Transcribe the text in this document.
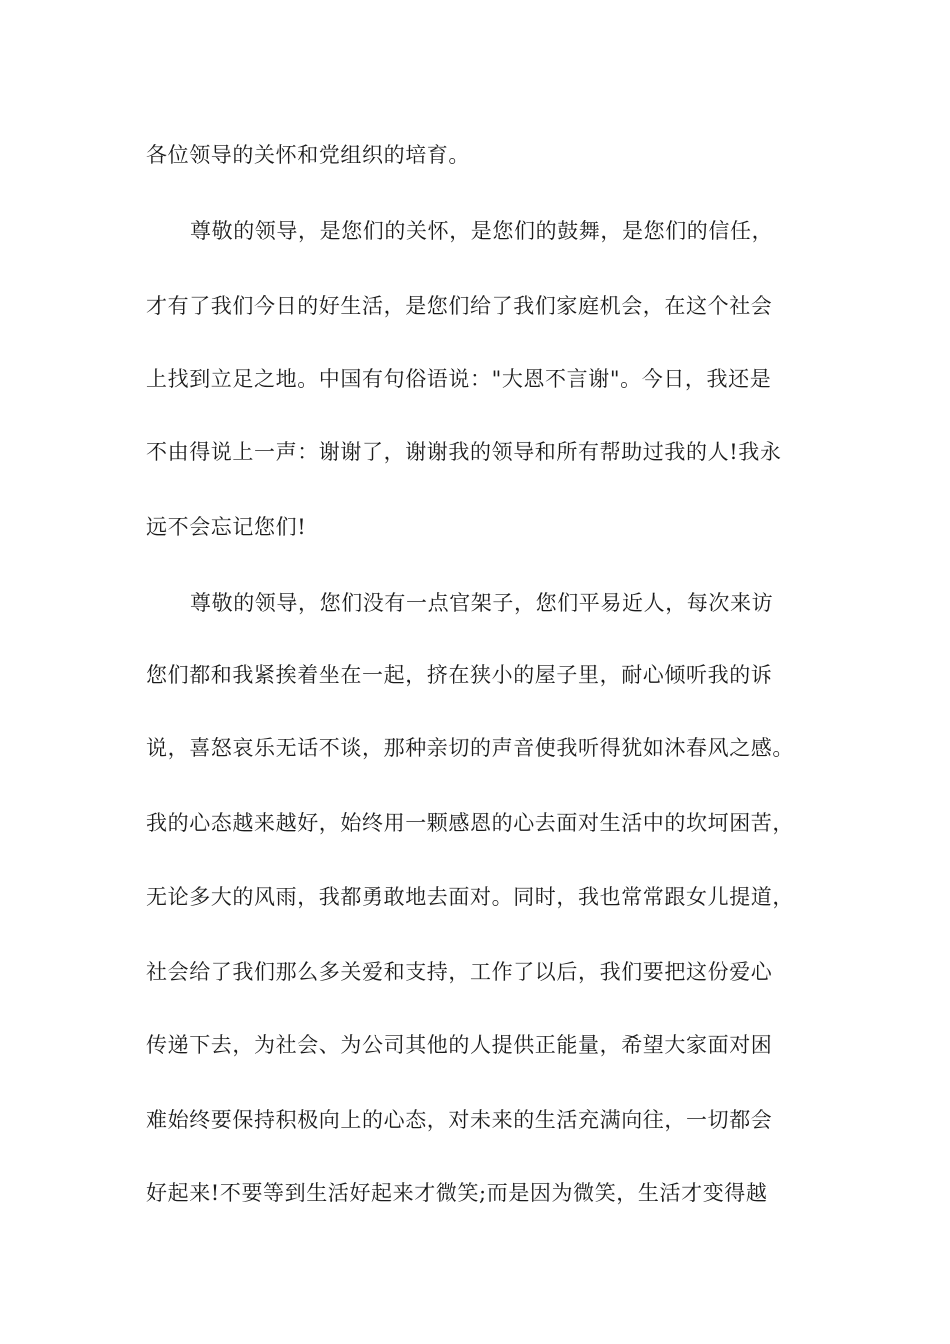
各位领导的关怀和党组织的培育。
尊敬的领导，是您们的关怀，是您们的鼓舞，是您们的信任，
才有了我们今日的好生活，是您们给了我们家庭机会，在这个社会
上找到立足之地。中国有句俗语说："大恩不言谢"。今日，我还是
不由得说上一声：谢谢了，谢谢我的领导和所有帮助过我的人!我永
远不会忘记您们!
尊敬的领导，您们没有一点官架子，您们平易近人，每次来访
您们都和我紧挨着坐在一起，挤在狭小的屋子里，耐心倾听我的诉
说，喜怒哀乐无话不谈，那种亲切的声音使我听得犹如沐春风之感。
我的心态越来越好，始终用一颗感恩的心去面对生活中的坎坷困苦，
无论多大的风雨，我都勇敢地去面对。同时，我也常常跟女儿提道，
社会给了我们那么多关爱和支持，工作了以后，我们要把这份爱心
传递下去，为社会、为公司其他的人提供正能量，希望大家面对困
难始终要保持积极向上的心态，对未来的生活充满向往，一切都会
好起来!不要等到生活好起来才微笑;而是因为微笑，生活才变得越
